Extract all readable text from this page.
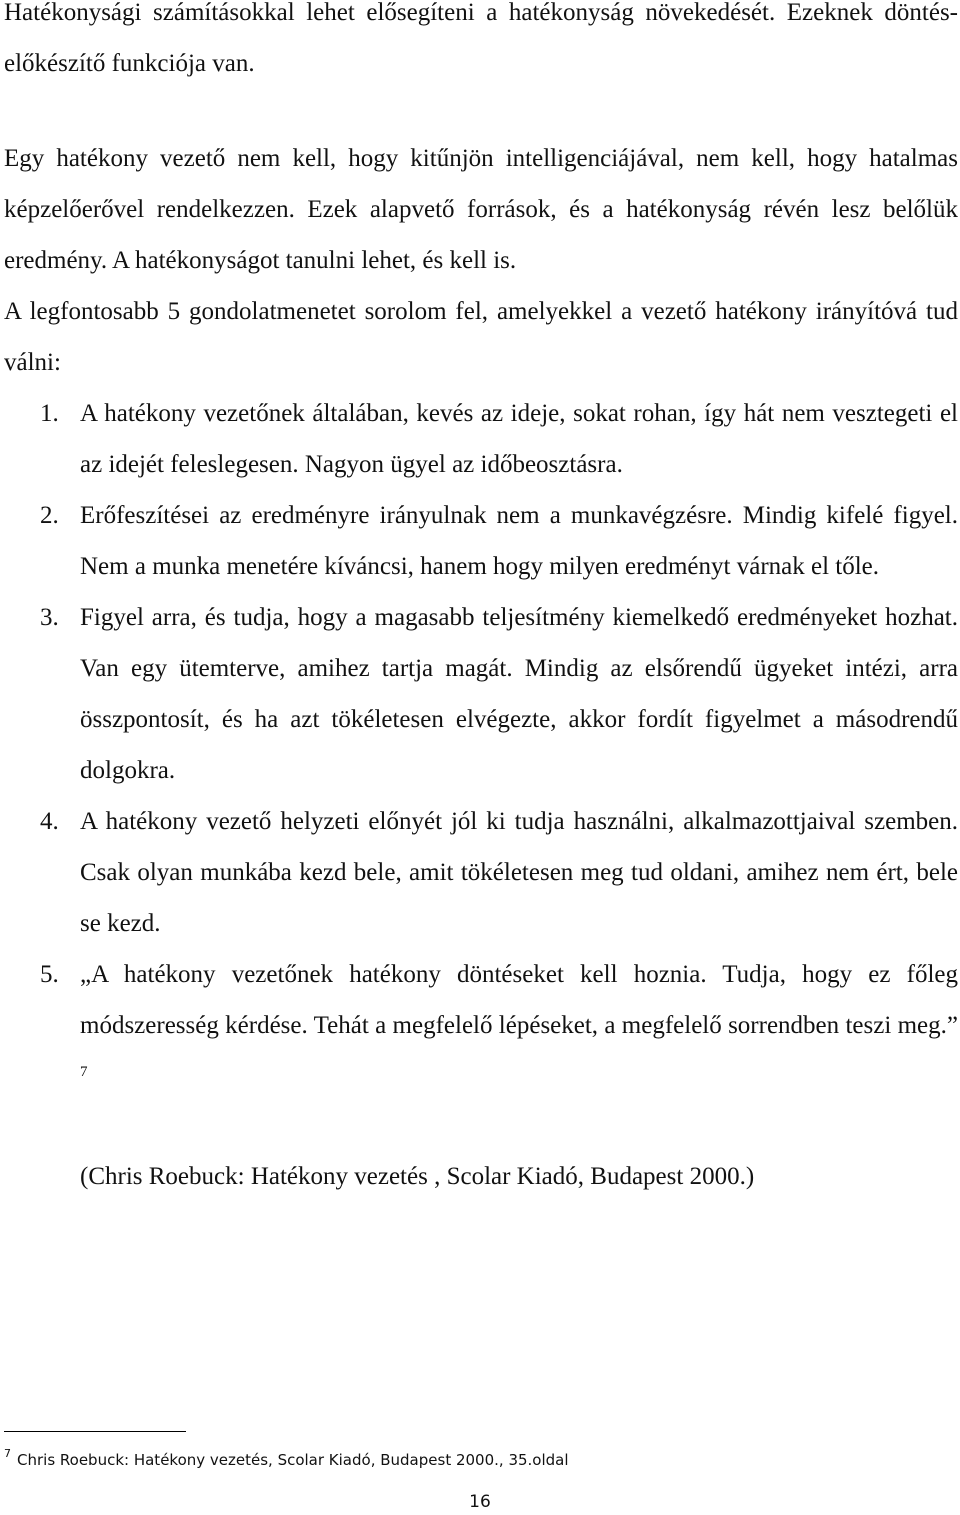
Hatékonysági számításokkal lehet elősegíteni a hatékonyság növekedését. Ezeknek döntés-előkészítő funkciója van.

Egy hatékony vezető nem kell, hogy kitűnjön intelligenciájával, nem kell, hogy hatalmas képzelőerővel rendelkezzen. Ezek alapvető források, és a hatékonyság révén lesz belőlük eredmény. A hatékonyságot tanulni lehet, és kell is.

A legfontosabb 5 gondolatmenetet sorolom fel, amelyekkel a vezető hatékony irányítóvá tud válni:

1. A hatékony vezetőnek általában, kevés az ideje, sokat rohan, így hát nem vesztegeti el az idejét feleslegesen. Nagyon ügyel az időbeosztásra.
2. Erőfeszítései az eredményre irányulnak nem a munkavégzésre. Mindig kifelé figyel. Nem a munka menetére kíváncsi, hanem hogy milyen eredményt várnak el tőle.
3. Figyel arra, és tudja, hogy a magasabb teljesítmény kiemelkedő eredményeket hozhat. Van egy ütemterve, amihez tartja magát. Mindig az elsőrendű ügyeket intézi, arra összpontosít, és ha azt tökéletesen elvégezte, akkor fordít figyelmet a másodrendű dolgokra.
4. A hatékony vezető helyzeti előnyét jól ki tudja használni, alkalmazottjaival szemben. Csak olyan munkába kezd bele, amit tökéletesen meg tud oldani, amihez nem ért, bele se kezd.
5. „A hatékony vezetőnek hatékony döntéseket kell hoznia. Tudja, hogy ez főleg módszeresség kérdése. Tehát a megfelelő lépéseket, a megfelelő sorrendben teszi meg.” $^7$

(Chris Roebuck: Hatékony vezetés , Scolar Kiadó, Budapest 2000.)

$^7$ Chris Roebuck: Hatékony vezetés, Scolar Kiadó, Budapest 2000., 35.oldal

16
